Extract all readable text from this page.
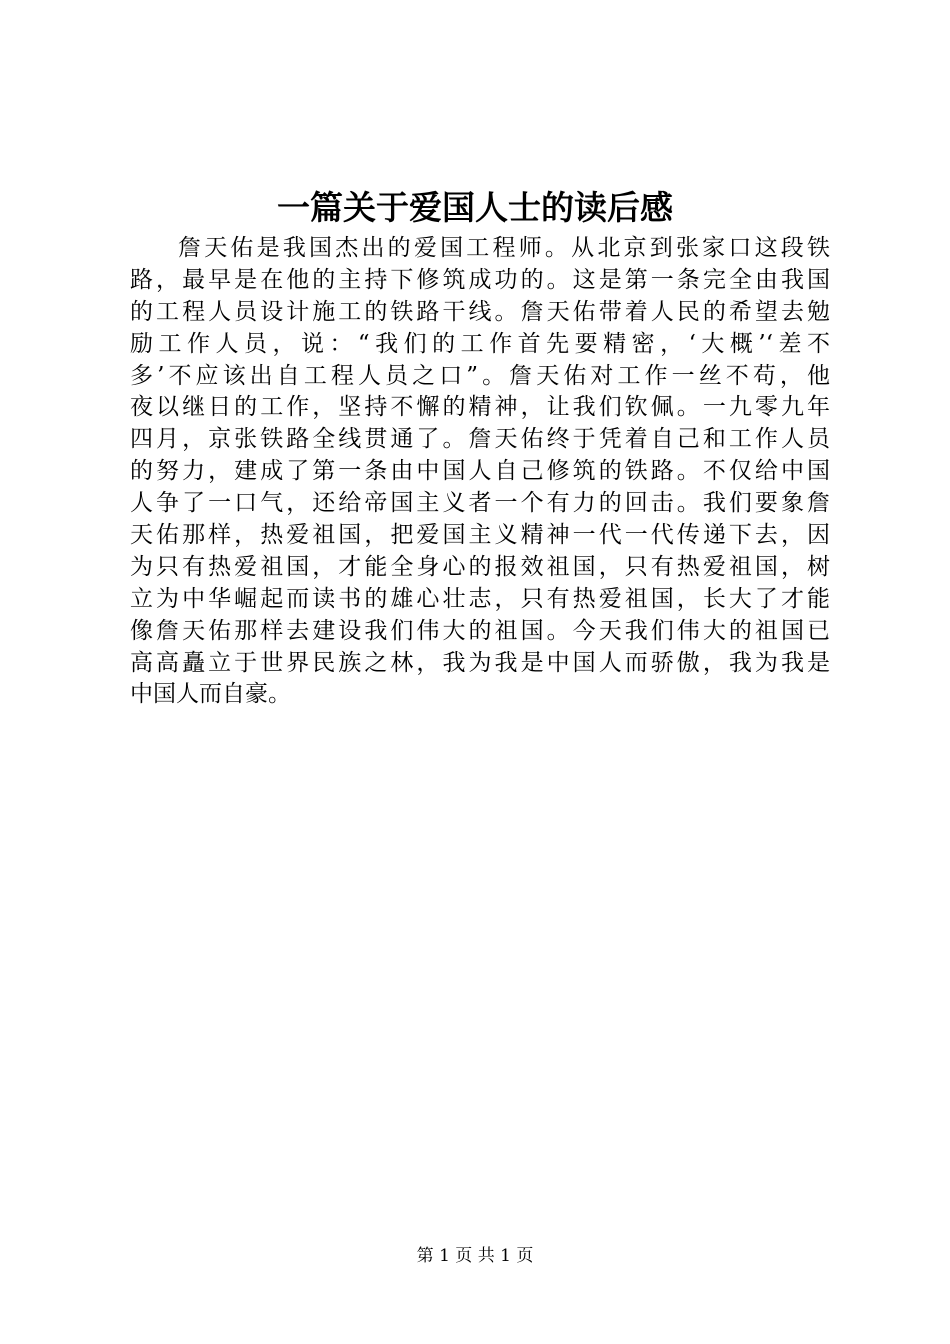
一篇关于爱国人士的读后感
詹天佑是我国杰出的爱国工程师。从北京到张家口这段铁
路，最早是在他的主持下修筑成功的。这是第一条完全由我国
的工程人员设计施工的铁路干线。詹天佑带着人民的希望去勉
励工作人员，说：“我们的工作首先要精密，‘大概’‘差不
多’不应该出自工程人员之口”。詹天佑对工作一丝不苟，他
夜以继日的工作，坚持不懈的精神，让我们钦佩。一九零九年
四月，京张铁路全线贯通了。詹天佑终于凭着自己和工作人员
的努力，建成了第一条由中国人自己修筑的铁路。不仅给中国
人争了一口气，还给帝国主义者一个有力的回击。我们要象詹
天佑那样，热爱祖国，把爱国主义精神一代一代传递下去，因
为只有热爱祖国，才能全身心的报效祖国，只有热爱祖国，树
立为中华崛起而读书的雄心壮志，只有热爱祖国，长大了才能
像詹天佑那样去建设我们伟大的祖国。今天我们伟大的祖国已
高高矗立于世界民族之林，我为我是中国人而骄傲，我为我是
中国人而自豪。
第 1 页 共 1 页
